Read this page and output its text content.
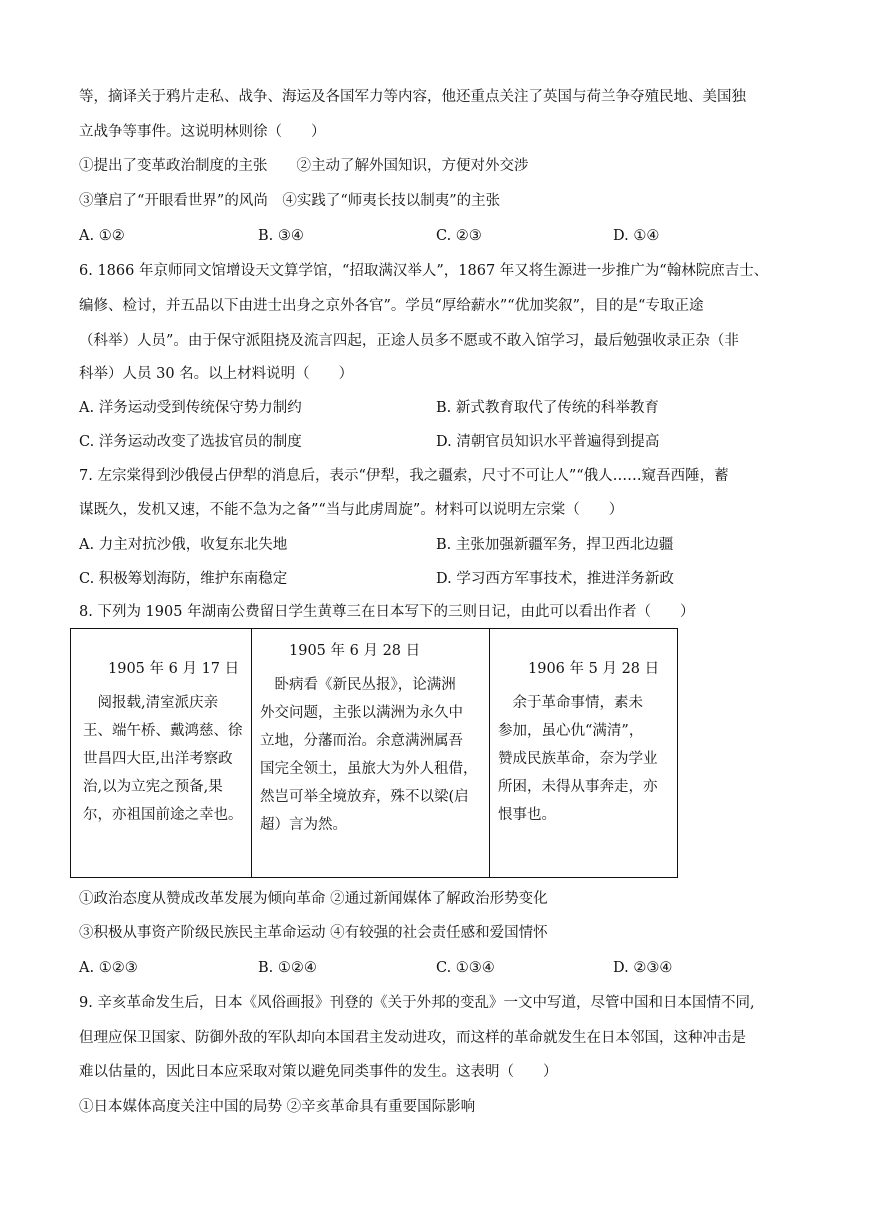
等，摘译关于鸦片走私、战争、海运及各国军力等内容，他还重点关注了英国与荷兰争夺殖民地、美国独
立战争等事件。这说明林则徐（　　）
①提出了变革政治制度的主张　　②主动了解外国知识，方便对外交涉
③肇启了“开眼看世界”的风尚　④实践了“师夷长技以制夷”的主张
A. ①②	B. ③④	C. ②③	D. ①④
6. 1866 年京师同文馆增设天文算学馆，“招取满汉举人”，1867 年又将生源进一步推广为“翰林院庶吉士、
编修、检讨，并五品以下由进士出身之京外各官”。学员“厚给薪水”“优加奖叙”，目的是“专取正途
（科举）人员”。由于保守派阻挠及流言四起，正途人员多不愿或不敢入馆学习，最后勉强收录正杂（非
科举）人员 30 名。以上材料说明（　　）
A. 洋务运动受到传统保守势力制约	B. 新式教育取代了传统的科举教育
C. 洋务运动改变了选拔官员的制度	D. 清朝官员知识水平普遍得到提高
7. 左宗棠得到沙俄侵占伊犁的消息后，表示“伊犁，我之疆索，尺寸不可让人”“俄人……窥吾西陲，蓄
谋既久，发机又速，不能不急为之备”“当与此虏周旋”。材料可以说明左宗棠（　　）
A. 力主对抗沙俄，收复东北失地	B. 主张加强新疆军务，捍卫西北边疆
C. 积极筹划海防，维护东南稳定	D. 学习西方军事技术，推进洋务新政
8. 下列为 1905 年湖南公费留日学生黄尊三在日本写下的三则日记，由此可以看出作者（　　）
1905 年 6 月 17 日
　阅报载,清室派庆亲
王、端午桥、戴鸿慈、徐
世昌四大臣,出洋考察政
治,以为立宪之预备,果
尔，亦祖国前途之幸也。
1905 年 6 月 28 日
　卧病看《新民丛报》，论满洲
外交问题，主张以满洲为永久中
立地，分藩而治。余意满洲属吾
国完全领土，虽旅大为外人租借，
然岂可举全境放弃，殊不以梁(启
超）言为然。
1906 年 5 月 28 日
　余于革命事情，素未
参加，虽心仇“满清”，
赞成民族革命，奈为学业
所困，未得从事奔走，亦
恨事也。
①政治态度从赞成改革发展为倾向革命 ②通过新闻媒体了解政治形势变化
③积极从事资产阶级民族民主革命运动 ④有较强的社会责任感和爱国情怀
A. ①②③	B. ①②④	C. ①③④	D. ②③④
9. 辛亥革命发生后，日本《风俗画报》刊登的《关于外邦的变乱》一文中写道，尽管中国和日本国情不同,
但理应保卫国家、防御外敌的军队却向本国君主发动进攻，而这样的革命就发生在日本邻国，这种冲击是
难以估量的，因此日本应采取对策以避免同类事件的发生。这表明（　　）
①日本媒体高度关注中国的局势 ②辛亥革命具有重要国际影响
